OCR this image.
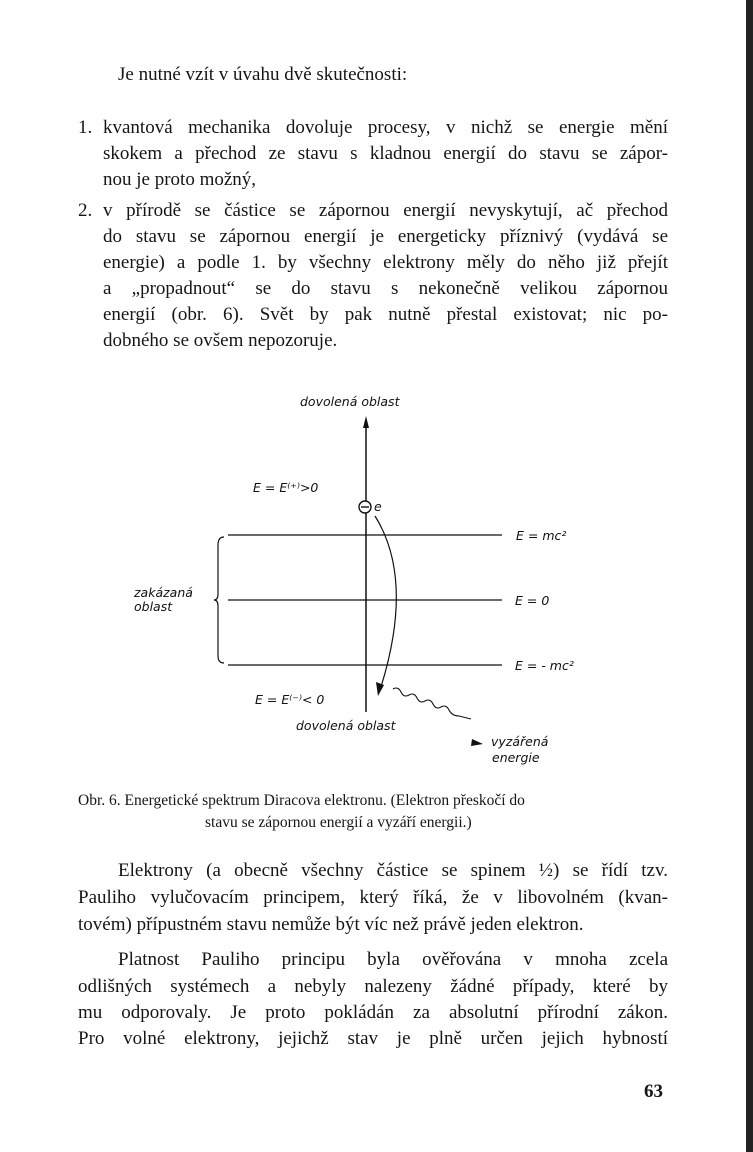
Je nutné vzít v úvahu dvě skutečnosti:
1. kvantová mechanika dovoluje procesy, v nichž se energie mění
skokem a přechod ze stavu s kladnou energií do stavu se zápor-
nou je proto možný,
2. v přírodě se částice se zápornou energií nevyskytují, ač přechod
do stavu se zápornou energií je energeticky příznivý (vydává se
energie) a podle 1. by všechny elektrony měly do něho již přejít
a „propadnout“ se do stavu s nekonečně velikou zápornou
energií (obr. 6). Svět by pak nutně přestal existovat; nic po-
dobného se ovšem nepozoruje.
dovolená oblast
E = E⁽⁺⁾>0
e
E = mc²
E = 0
E = - mc²
zakázaná
oblast
E = E⁽⁻⁾< 0
dovolená oblast
vyzářená
energie
Obr. 6. Energetické spektrum Diracova elektronu. (Elektron přeskočí do
stavu se zápornou energií a vyzáří energii.)
Elektrony (a obecně všechny částice se spinem ½) se řídí tzv.
Pauliho vylučovacím principem, který říká, že v libovolném (kvan-
tovém) přípustném stavu nemůže být víc než právě jeden elektron.
Platnost Pauliho principu byla ověřována v mnoha zcela
odlišných systémech a nebyly nalezeny žádné případy, které by
mu odporovaly. Je proto pokládán za absolutní přírodní zákon.
Pro volné elektrony, jejichž stav je plně určen jejich hybností
63
